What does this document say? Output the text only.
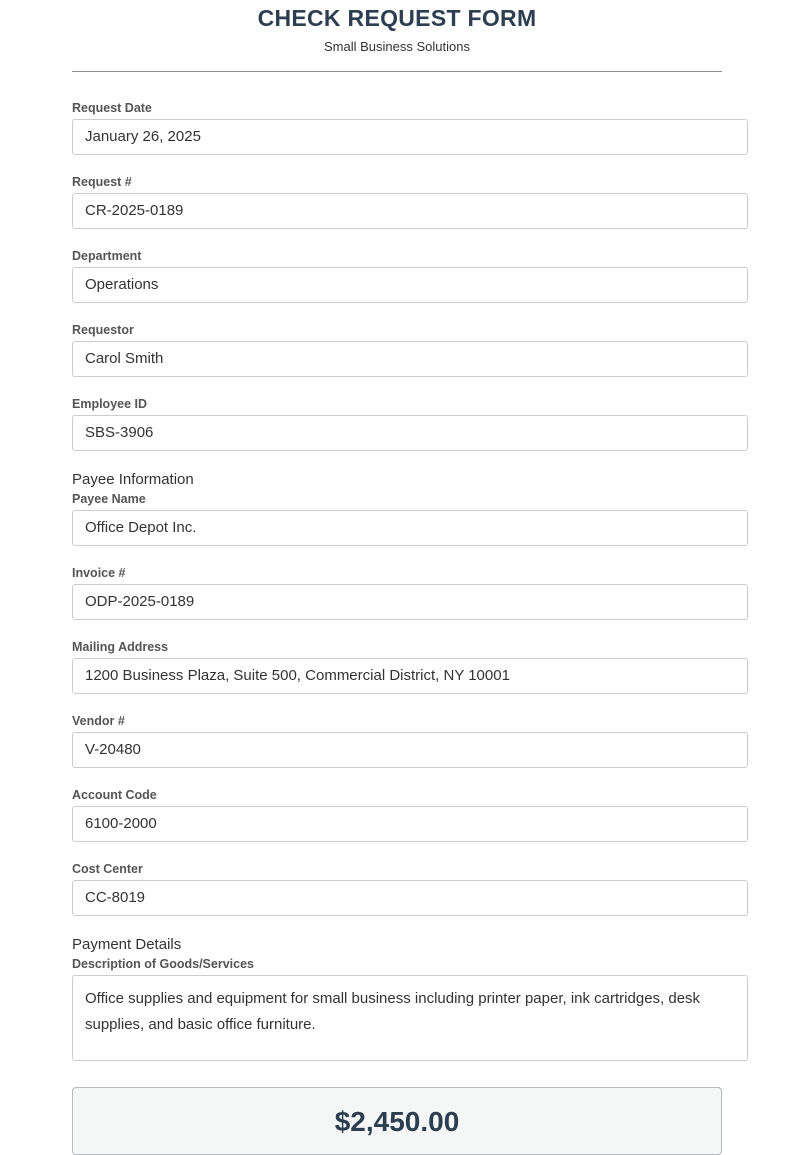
CHECK REQUEST FORM
Small Business Solutions
Request Date
January 26, 2025
Request #
CR-2025-0189
Department
Operations
Requestor
Carol Smith
Employee ID
SBS-3906
Payee Information
Payee Name
Office Depot Inc.
Invoice #
ODP-2025-0189
Mailing Address
1200 Business Plaza, Suite 500, Commercial District, NY 10001
Vendor #
V-20480
Account Code
6100-2000
Cost Center
CC-8019
Payment Details
Description of Goods/Services
Office supplies and equipment for small business including printer paper, ink cartridges, desk supplies, and basic office furniture.
$2,450.00
